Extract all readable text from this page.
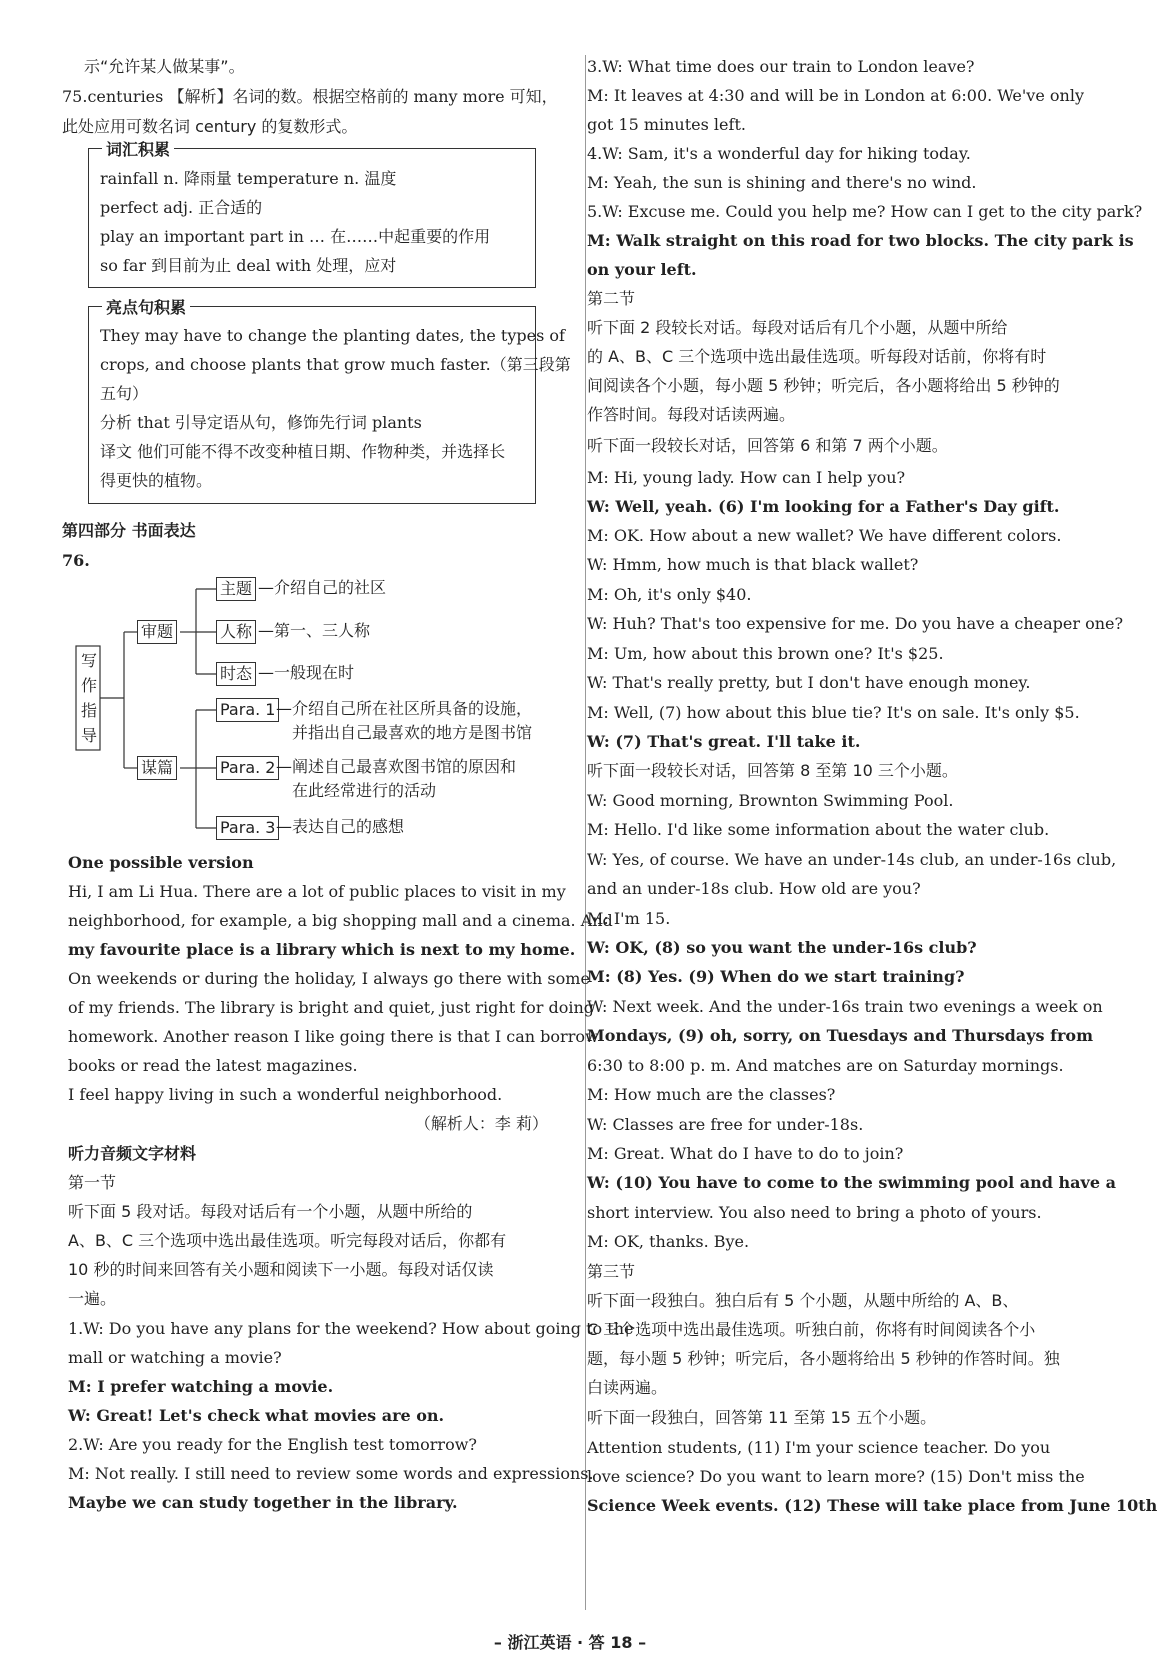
示“允许某人做某事”。
75.centuries 【解析】名词的数。根据空格前的 many more 可知，
此处应用可数名词 century 的复数形式。
词汇积累
rainfall n. 降雨量 temperature n. 温度
perfect adj. 正合适的
play an important part in … 在……中起重要的作用
so far 到目前为止 deal with 处理，应对
亮点句积累
They may have to change the planting dates, the types of
crops, and choose plants that grow much faster.（第三段第
五句）
分析 that 引导定语从句，修饰先行词 plants
译文 他们可能不得不改变种植日期、作物种类，并选择长
得更快的植物。
第四部分 书面表达
76.
写
作
指
导
审题
谋篇
主题 —介绍自己的社区
人称 —第一、三人称
时态 —一般现在时
Para. 1 —介绍自己所在社区所具备的设施，
并指出自己最喜欢的地方是图书馆
Para. 2 —阐述自己最喜欢图书馆的原因和
在此经常进行的活动
Para. 3 —表达自己的感想
One possible version
Hi, I am Li Hua. There are a lot of public places to visit in my
neighborhood, for example, a big shopping mall and a cinema. And
my favourite place is a library which is next to my home.
On weekends or during the holiday, I always go there with some
of my friends. The library is bright and quiet, just right for doing
homework. Another reason I like going there is that I can borrow
books or read the latest magazines.
I feel happy living in such a wonderful neighborhood.
（解析人：李 莉）
听力音频文字材料
第一节
听下面 5 段对话。每段对话后有一个小题，从题中所给的
A、B、C 三个选项中选出最佳选项。听完每段对话后，你都有
10 秒的时间来回答有关小题和阅读下一小题。每段对话仅读
一遍。
1.W: Do you have any plans for the weekend? How about going to the
mall or watching a movie?
M: I prefer watching a movie.
W: Great! Let's check what movies are on.
2.W: Are you ready for the English test tomorrow?
M: Not really. I still need to review some words and expressions.
Maybe we can study together in the library.
3.W: What time does our train to London leave?
M: It leaves at 4:30 and will be in London at 6:00. We've only
got 15 minutes left.
4.W: Sam, it's a wonderful day for hiking today.
M: Yeah, the sun is shining and there's no wind.
5.W: Excuse me. Could you help me? How can I get to the city park?
M: Walk straight on this road for two blocks. The city park is
on your left.
第二节
听下面 2 段较长对话。每段对话后有几个小题，从题中所给
的 A、B、C 三个选项中选出最佳选项。听每段对话前，你将有时
间阅读各个小题，每小题 5 秒钟；听完后，各小题将给出 5 秒钟的
作答时间。每段对话读两遍。
听下面一段较长对话，回答第 6 和第 7 两个小题。
M: Hi, young lady. How can I help you?
W: Well, yeah. (6) I'm looking for a Father's Day gift.
M: OK. How about a new wallet? We have different colors.
W: Hmm, how much is that black wallet?
M: Oh, it's only $40.
W: Huh? That's too expensive for me. Do you have a cheaper one?
M: Um, how about this brown one? It's $25.
W: That's really pretty, but I don't have enough money.
M: Well, (7) how about this blue tie? It's on sale. It's only $5.
W: (7) That's great. I'll take it.
听下面一段较长对话，回答第 8 至第 10 三个小题。
W: Good morning, Brownton Swimming Pool.
M: Hello. I'd like some information about the water club.
W: Yes, of course. We have an under-14s club, an under-16s club,
and an under-18s club. How old are you?
M: I'm 15.
W: OK, (8) so you want the under-16s club?
M: (8) Yes. (9) When do we start training?
W: Next week. And the under-16s train two evenings a week on
Mondays, (9) oh, sorry, on Tuesdays and Thursdays from
6:30 to 8:00 p. m. And matches are on Saturday mornings.
M: How much are the classes?
W: Classes are free for under-18s.
M: Great. What do I have to do to join?
W: (10) You have to come to the swimming pool and have a
short interview. You also need to bring a photo of yours.
M: OK, thanks. Bye.
第三节
听下面一段独白。独白后有 5 个小题，从题中所给的 A、B、
C 三个选项中选出最佳选项。听独白前，你将有时间阅读各个小
题，每小题 5 秒钟；听完后，各小题将给出 5 秒钟的作答时间。独
白读两遍。
听下面一段独白，回答第 11 至第 15 五个小题。
Attention students, (11) I'm your science teacher. Do you
love science? Do you want to learn more? (15) Don't miss the
Science Week events. (12) These will take place from June 10th
– 浙江英语 · 答 18 –
